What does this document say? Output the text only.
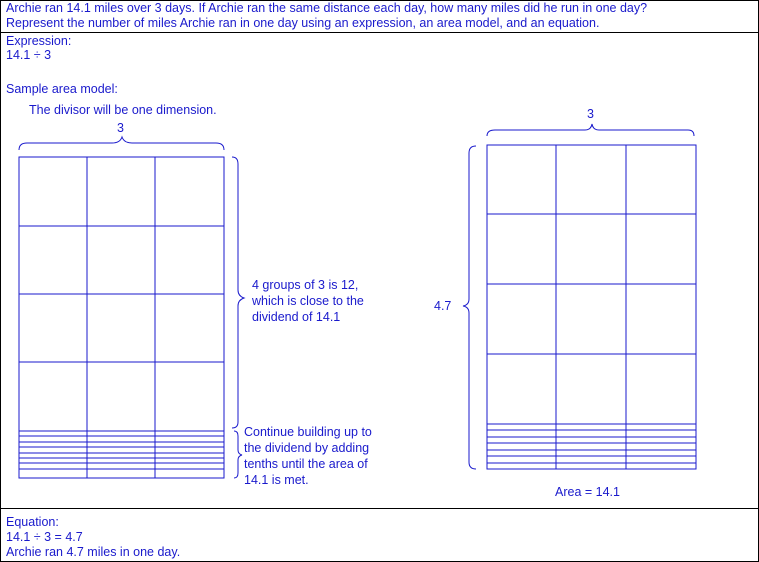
Archie ran 14.1 miles over 3 days. If Archie ran the same distance each day, how many miles did he run in one day?
Represent the number of miles Archie ran in one day using an expression, an area model, and an equation.
Expression:
14.1 ÷ 3
Sample area model:
The divisor will be one dimension.
3
4 groups of 3 is 12,
which is close to the
dividend of 14.1
Continue building up to
the dividend by adding
tenths until the area of
14.1 is met.
3
4.7
Area = 14.1
Equation:
14.1 ÷ 3 = 4.7
Archie ran 4.7 miles in one day.
